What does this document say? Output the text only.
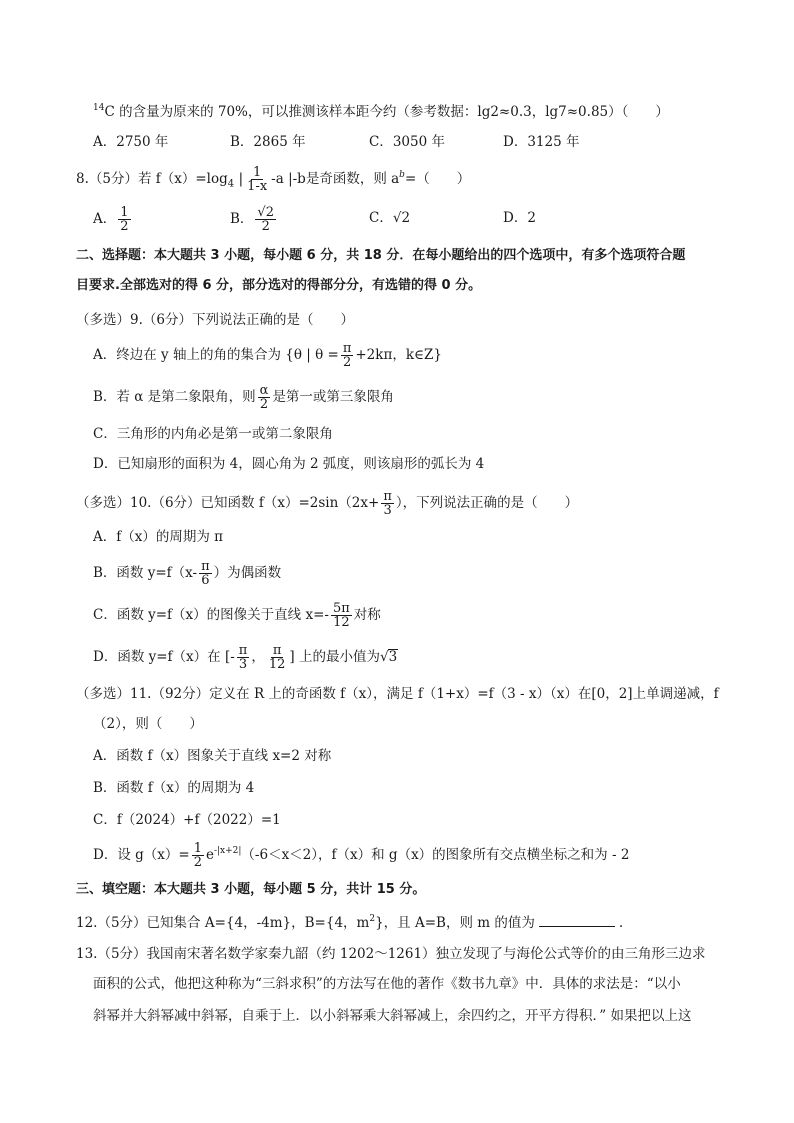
$^{14}$C 的含量为原来的 70%，可以推测该样本距今约（参考数据：lg2≈0.3，lg7≈0.85）（　　）
A．2750 年	B．2865 年	C．3050 年	D．3125 年
8.（5分）若 $f(x)=\log_4$ | $\frac{1}{1-x} -a$ |-b是奇函数，则 $a^b=$（　　）
A． $\frac{1}{2}$	B． $\frac{√2}{2}$	C．√2	D．2
二、选择题：本大题共 3 小题，每小题 6 分，共 18 分．在每小题给出的四个选项中，有多个选项符合题
目要求.全部选对的得 6 分，部分选对的得部分分，有选错的得 0 分。
（多选）9.（6分）下列说法正确的是（　　）
A．终边在 y 轴上的角的集合为 {θ | $\theta = \frac{\pi}{2} +2k\pi$，k∈Z}
B．若 α 是第二象限角，则 $\frac{\alpha}{2}$ 是第一或第三象限角
C．三角形的内角必是第一或第二象限角
D．已知扇形的面积为 4，圆心角为 2 弧度，则该扇形的弧长为 4
（多选）10.（6分）已知函数 $f(x)=2\sin(2x+ \frac{\pi}{3}$ ），下列说法正确的是（　　）
A．f（x）的周期为 π
B．函数 $y=f(x- \frac{\pi}{6}$ ）为偶函数
C．函数 y=f（x）的图像关于直线 $x=- \frac{5\pi}{12}$ 对称
D．函数 y=f（x）在 [- $\frac{\pi}{3}$ ， $\frac{\pi}{12}$ ] 上的最小值为√3
（多选）11.（92分）定义在 R 上的奇函数 f（x），满足 f（1+x）=f（3 - x）（x）在[0，2]上单调递减，f
（2），则（　　）
A．函数 f（x）图象关于直线 x=2 对称
B．函数 f（x）的周期为 4
C．f（2024）+f（2022）=1
D．设 $g(x)= \frac{1}{2} e^{-|x+2|}(-6<x<2)$，f（x）和 g（x）的图象所有交点横坐标之和为 - 2
三、填空题：本大题共 3 小题，每小题 5 分，共计 15 分。
12.（5分）已知集合 A={4，-4m}，B={4，$m^2$}，且 A=B，则 m 的值为	.
13.（5分）我国南宋著名数学家秦九韶（约 1202～1261）独立发现了与海伦公式等价的由三角形三边求
面积的公式，他把这种称为“三斜求积”的方法写在他的著作《数书九章》中．具体的求法是：“以小
斜幂并大斜幂减中斜幂，自乘于上．以小斜幂乘大斜幂减上，余四约之，开平方得积．” 如果把以上这
